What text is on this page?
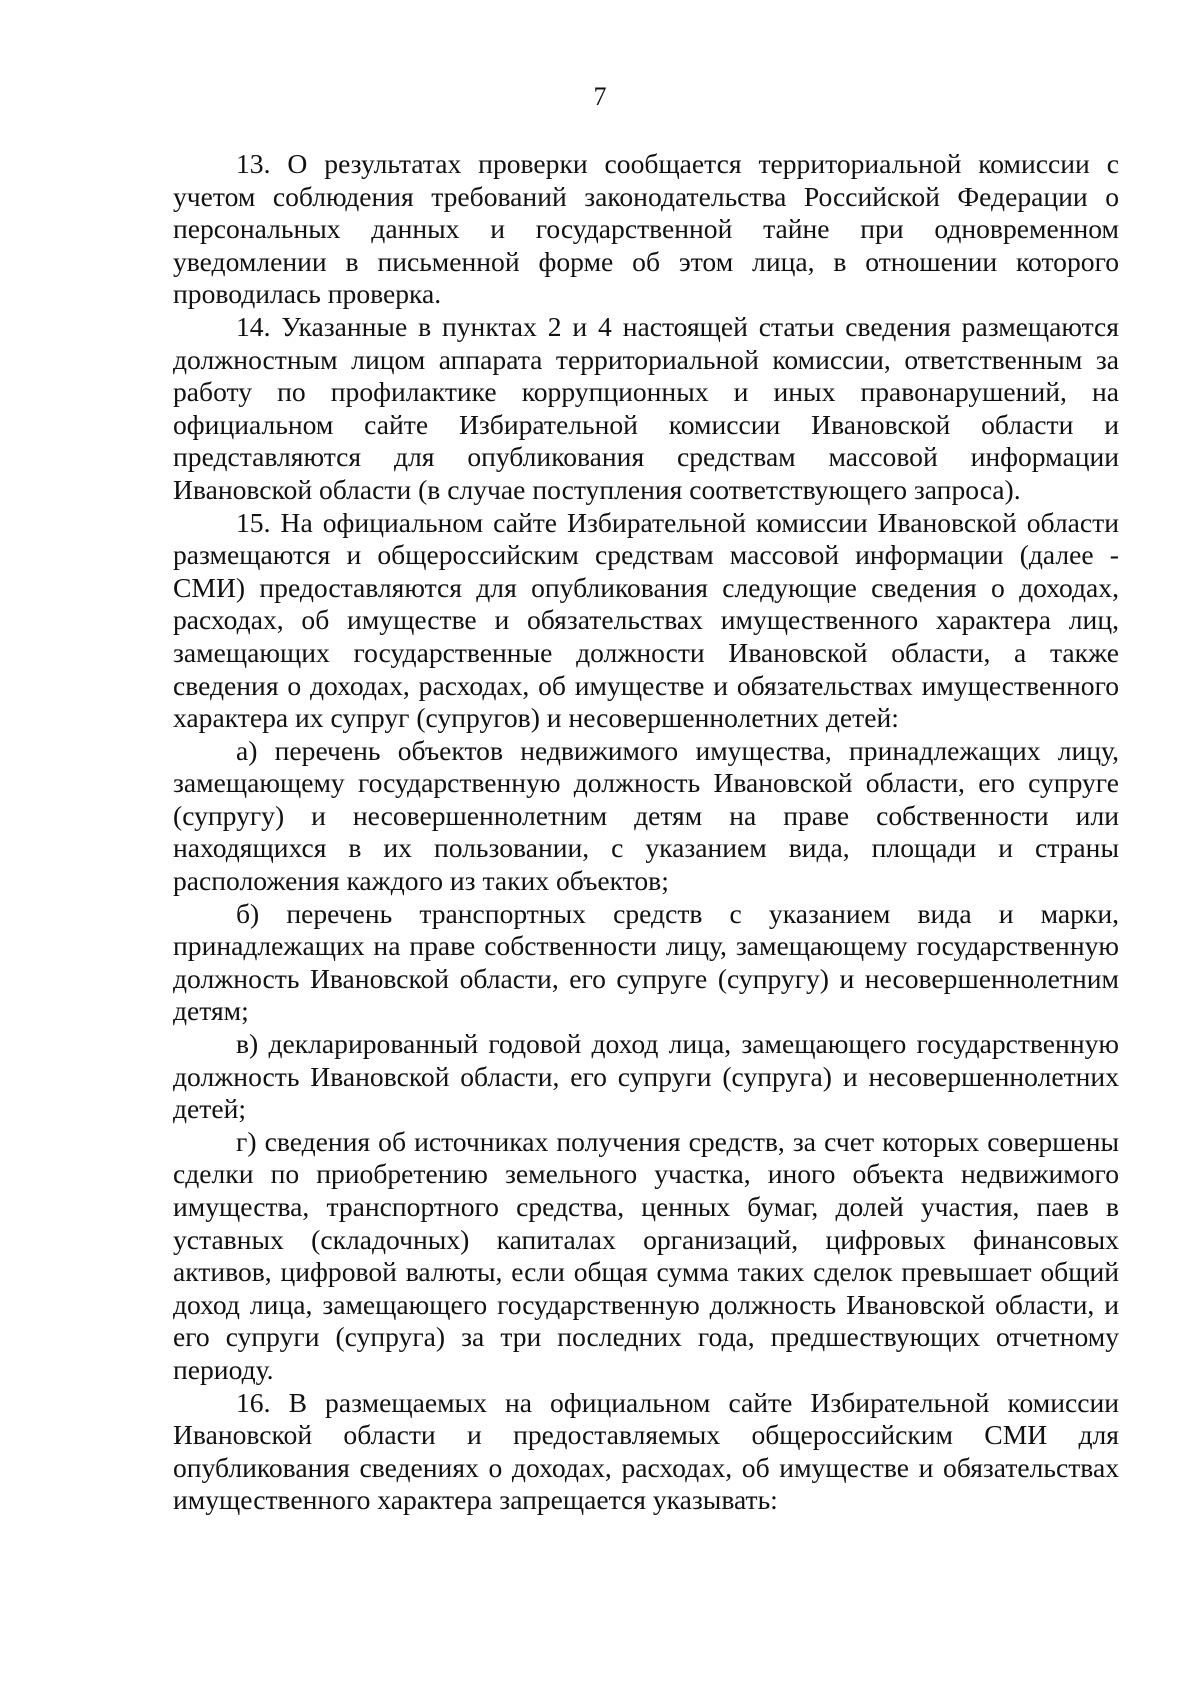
7

13. О результатах проверки сообщается территориальной комиссии с учетом соблюдения требований законодательства Российской Федерации о персональных данных и государственной тайне при одновременном уведомлении в письменной форме об этом лица, в отношении которого проводилась проверка.

14. Указанные в пунктах 2 и 4 настоящей статьи сведения размещаются должностным лицом аппарата территориальной комиссии, ответственным за работу по профилактике коррупционных и иных правонарушений, на официальном сайте Избирательной комиссии Ивановской области и представляются для опубликования средствам массовой информации Ивановской области (в случае поступления соответствующего запроса).

15. На официальном сайте Избирательной комиссии Ивановской области размещаются и общероссийским средствам массовой информации (далее - СМИ) предоставляются для опубликования следующие сведения о доходах, расходах, об имуществе и обязательствах имущественного характера лиц, замещающих государственные должности Ивановской области, а также сведения о доходах, расходах, об имуществе и обязательствах имущественного характера их супруг (супругов) и несовершеннолетних детей:

а) перечень объектов недвижимого имущества, принадлежащих лицу, замещающему государственную должность Ивановской области, его супруге (супругу) и несовершеннолетним детям на праве собственности или находящихся в их пользовании, с указанием вида, площади и страны расположения каждого из таких объектов;

б) перечень транспортных средств с указанием вида и марки, принадлежащих на праве собственности лицу, замещающему государственную должность Ивановской области, его супруге (супругу) и несовершеннолетним детям;

в) декларированный годовой доход лица, замещающего государственную должность Ивановской области, его супруги (супруга) и несовершеннолетних детей;

г) сведения об источниках получения средств, за счет которых совершены сделки по приобретению земельного участка, иного объекта недвижимого имущества, транспортного средства, ценных бумаг, долей участия, паев в уставных (складочных) капиталах организаций, цифровых финансовых активов, цифровой валюты, если общая сумма таких сделок превышает общий доход лица, замещающего государственную должность Ивановской области, и его супруги (супруга) за три последних года, предшествующих отчетному периоду.

16. В размещаемых на официальном сайте Избирательной комиссии Ивановской области и предоставляемых общероссийским СМИ для опубликования сведениях о доходах, расходах, об имуществе и обязательствах имущественного характера запрещается указывать:
